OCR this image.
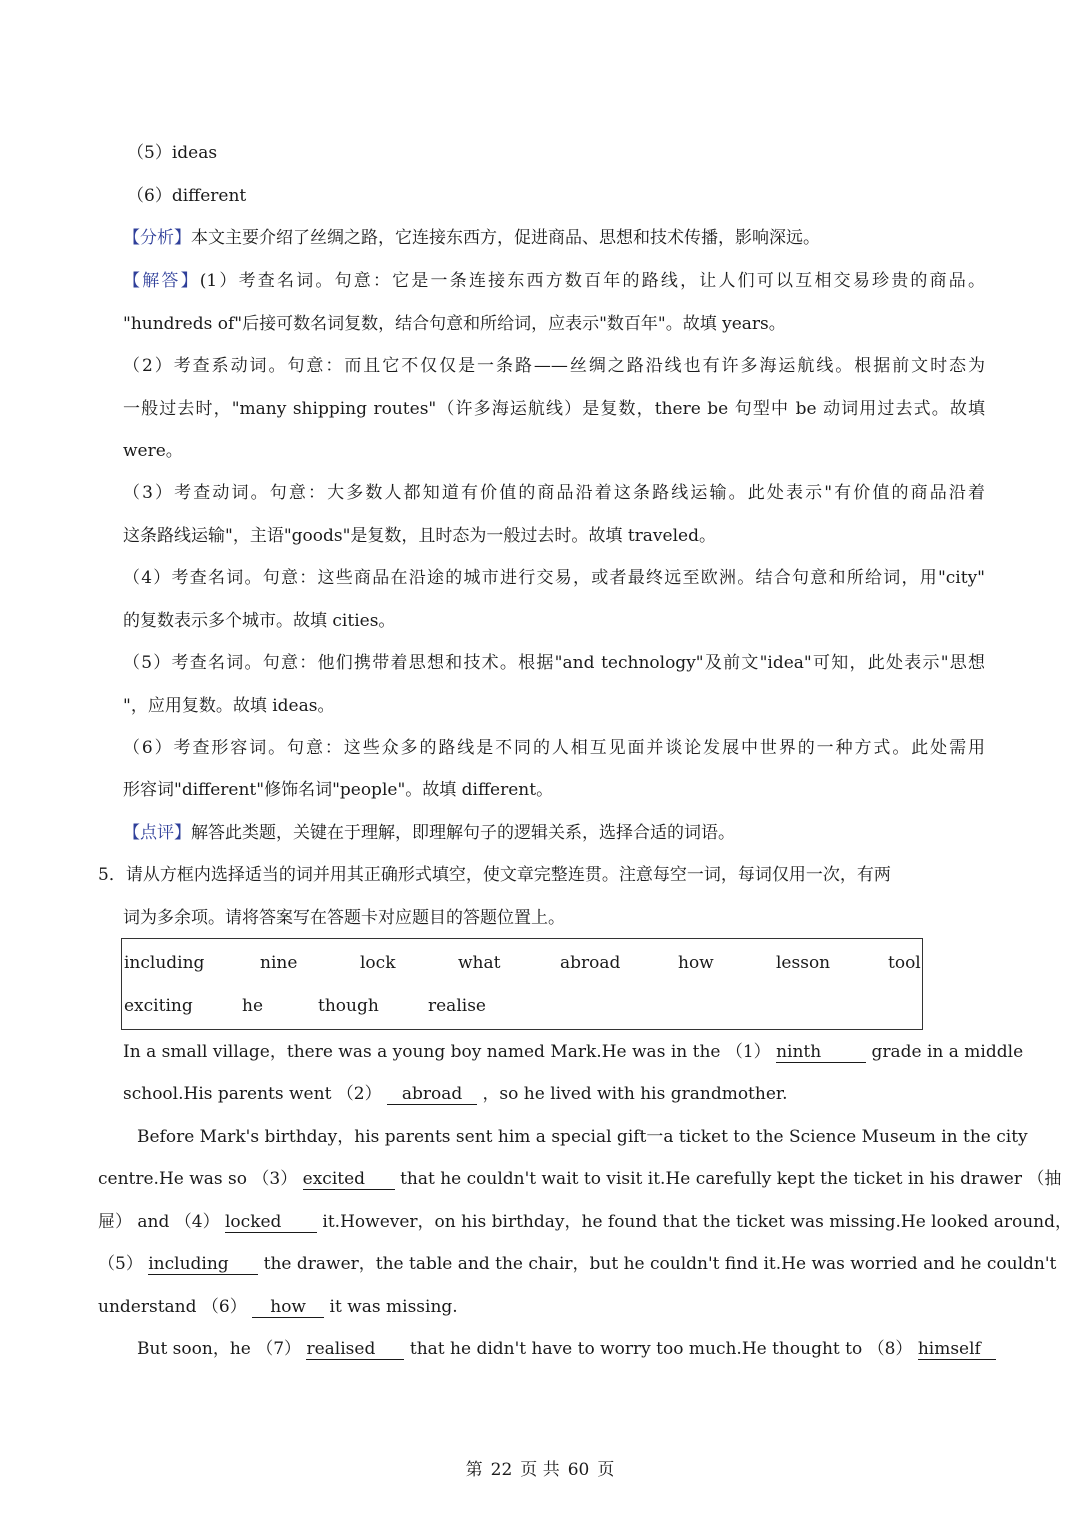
（5）ideas
（6）different
【分析】本文主要介绍了丝绸之路，它连接东西方，促进商品、思想和技术传播，影响深远。
【解答】(1）考查名词。句意：它是一条连接东西方数百年的路线，让人们可以互相交易珍贵的商品。
"hundreds of"后接可数名词复数，结合句意和所给词，应表示"数百年"。故填 years。
（2）考查系动词。句意：而且它不仅仅是一条路——丝绸之路沿线也有许多海运航线。根据前文时态为
一般过去时，"many shipping routes"（许多海运航线）是复数，there be 句型中 be 动词用过去式。故填
were。
（3）考查动词。句意：大多数人都知道有价值的商品沿着这条路线运输。此处表示"有价值的商品沿着
这条路线运输"，主语"goods"是复数，且时态为一般过去时。故填 traveled。
（4）考查名词。句意：这些商品在沿途的城市进行交易，或者最终远至欧洲。结合句意和所给词，用"city"
的复数表示多个城市。故填 cities。
（5）考查名词。句意：他们携带着思想和技术。根据"and technology"及前文"idea"可知，此处表示"思想
"，应用复数。故填 ideas。
（6）考查形容词。句意：这些众多的路线是不同的人相互见面并谈论发展中世界的一种方式。此处需用
形容词"different"修饰名词"people"。故填 different。
【点评】解答此类题，关键在于理解，即理解句子的逻辑关系，选择合适的词语。
5．请从方框内选择适当的词并用其正确形式填空，使文章完整连贯。注意每空一词，每词仅用一次，有两
词为多余项。请将答案写在答题卡对应题目的答题位置上。
including	nine	lock	what	abroad	how	lesson	tool
exciting	he	though	realise
In a small village，there was a young boy named Mark.He was in the （1） ninth	grade in a middle
school.His parents went （2） abroad ，so he lived with his grandmother.
Before Mark's birthday，his parents sent him a special gift一a ticket to the Science Museum in the city
centre.He was so （3） excited that he couldn't wait to visit it.He carefully kept the ticket in his drawer （抽
屉） and （4） locked it.However，on his birthday，he found that the ticket was missing.He looked around，
（5） including the drawer，the table and the chair，but he couldn't find it.He was worried and he couldn't
understand （6） how it was missing.
But soon，he （7） realised that he didn't have to worry too much.He thought to （8） himself
第 22 页 共 60 页
